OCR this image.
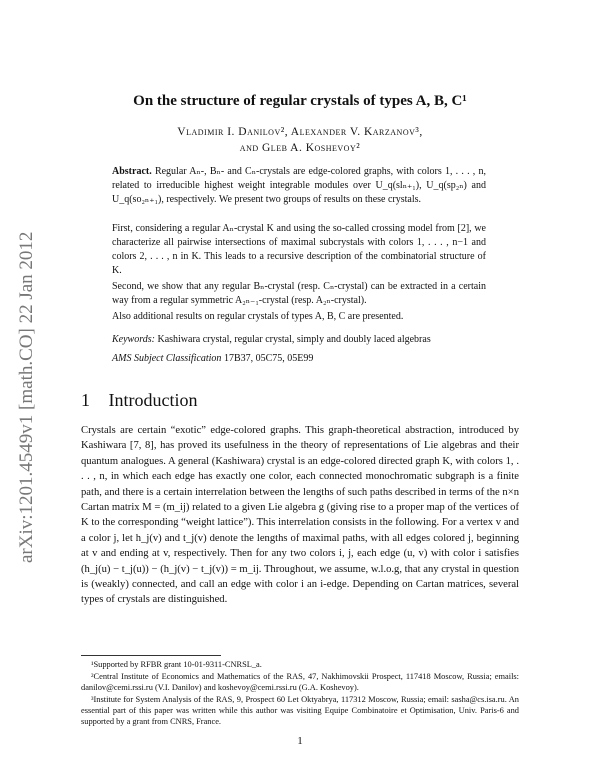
arXiv:1201.4549v1 [math.CO] 22 Jan 2012
On the structure of regular crystals of types A, B, C¹
Vladimir I. Danilov², Alexander V. Karzanov³,
and Gleb A. Koshevoy²
Abstract. Regular Aₙ-, Bₙ- and Cₙ-crystals are edge-colored graphs, with colors 1, . . . , n, related to irreducible highest weight integrable modules over U_q(slₙ₊₁), U_q(sp₂ₙ) and U_q(so₂ₙ₊₁), respectively. We present two groups of results on these crystals.
First, considering a regular Aₙ-crystal K and using the so-called crossing model from [2], we characterize all pairwise intersections of maximal subcrystals with colors 1, . . . , n−1 and colors 2, . . . , n in K. This leads to a recursive description of the combinatorial structure of K.
Second, we show that any regular Bₙ-crystal (resp. Cₙ-crystal) can be extracted in a certain way from a regular symmetric A₂ₙ₋₁-crystal (resp. A₂ₙ-crystal).
Also additional results on regular crystals of types A, B, C are presented.
Keywords: Kashiwara crystal, regular crystal, simply and doubly laced algebras
AMS Subject Classification 17B37, 05C75, 05E99
1 Introduction
Crystals are certain “exotic” edge-colored graphs. This graph-theoretical abstraction, introduced by Kashiwara [7, 8], has proved its usefulness in the theory of representations of Lie algebras and their quantum analogues. A general (Kashiwara) crystal is an edge-colored directed graph K, with colors 1, . . . , n, in which each edge has exactly one color, each connected monochromatic subgraph is a finite path, and there is a certain interrelation between the lengths of such paths described in terms of the n×n Cartan matrix M = (m_ij) related to a given Lie algebra g (giving rise to a proper map of the vertices of K to the corresponding “weight lattice”). This interrelation consists in the following. For a vertex v and a color j, let h_j(v) and t_j(v) denote the lengths of maximal paths, with all edges colored j, beginning at v and ending at v, respectively. Then for any two colors i, j, each edge (u, v) with color i satisfies (h_j(u) − t_j(u)) − (h_j(v) − t_j(v)) = m_ij. Throughout, we assume, w.l.o.g, that any crystal in question is (weakly) connected, and call an edge with color i an i-edge. Depending on Cartan matrices, several types of crystals are distinguished.

¹Supported by RFBR grant 10-01-9311-CNRSL_a.

²Central Institute of Economics and Mathematics of the RAS, 47, Nakhimovskii Prospect, 117418 Moscow, Russia; emails: danilov@cemi.rssi.ru (V.I. Danilov) and koshevoy@cemi.rssi.ru (G.A. Koshevoy).

³Institute for System Analysis of the RAS, 9, Prospect 60 Let Oktyabrya, 117312 Moscow, Russia; email: sasha@cs.isa.ru. An essential part of this paper was written while this author was visiting Equipe Combinatoire et Optimisation, Univ. Paris-6 and supported by a grant from CNRS, France.

1
